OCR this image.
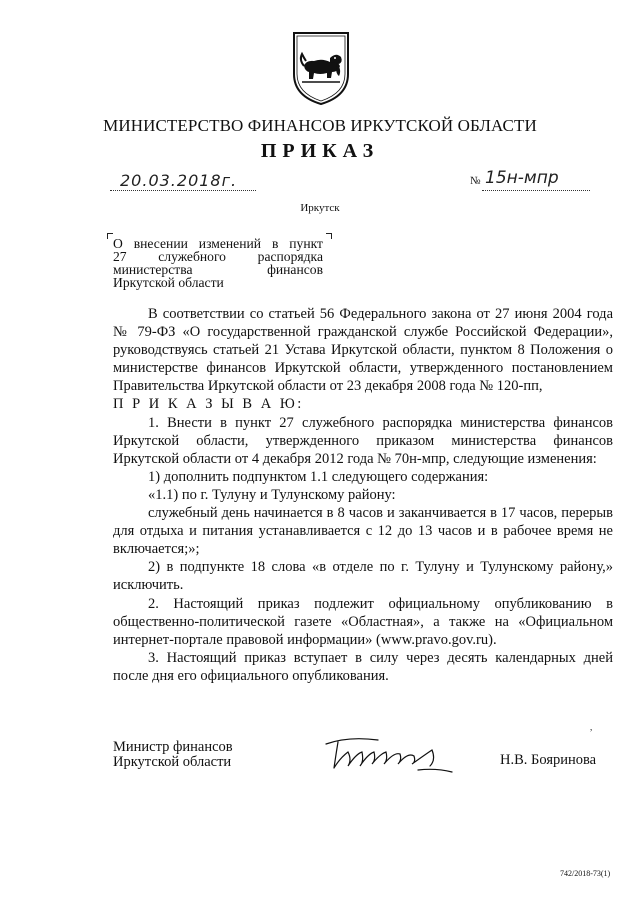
МИНИСТЕРСТВО ФИНАНСОВ ИРКУТСКОЙ ОБЛАСТИ
ПРИКАЗ
20.03.2018г.	№ 15н-мпр
Иркутск
О внесении изменений в пункт
27 служебного распорядка
министерства финансов
Иркутской области

В соответствии со статьей 56 Федерального закона от 27 июня 2004 года № 79-ФЗ «О государственной гражданской службе Российской Федерации», руководствуясь статьей 21 Устава Иркутской области, пунктом 8 Положения о министерстве финансов Иркутской области, утвержденного постановлением Правительства Иркутской области от 23 декабря 2008 года № 120-пп,

П Р И К А З Ы В А Ю:

1. Внести в пункт 27 служебного распорядка министерства финансов Иркутской области, утвержденного приказом министерства финансов Иркутской области от 4 декабря 2012 года № 70н-мпр, следующие изменения:

1) дополнить подпунктом 1.1 следующего содержания:

«1.1) по г. Тулуну и Тулунскому району:

служебный день начинается в 8 часов и заканчивается в 17 часов, перерыв для отдыха и питания устанавливается с 12 до 13 часов и в рабочее время не включается;»;

2) в подпункте 18 слова «в отделе по г. Тулуну и Тулунскому району,» исключить.

2. Настоящий приказ подлежит официальному опубликованию в общественно-политической газете «Областная», а также на «Официальном интернет-портале правовой информации» (www.pravo.gov.ru).

3. Настоящий приказ вступает в силу через десять календарных дней после дня его официального опубликования.

,
Министр финансов
Иркутской области	Н.В. Бояринова
742/2018-73(1)
